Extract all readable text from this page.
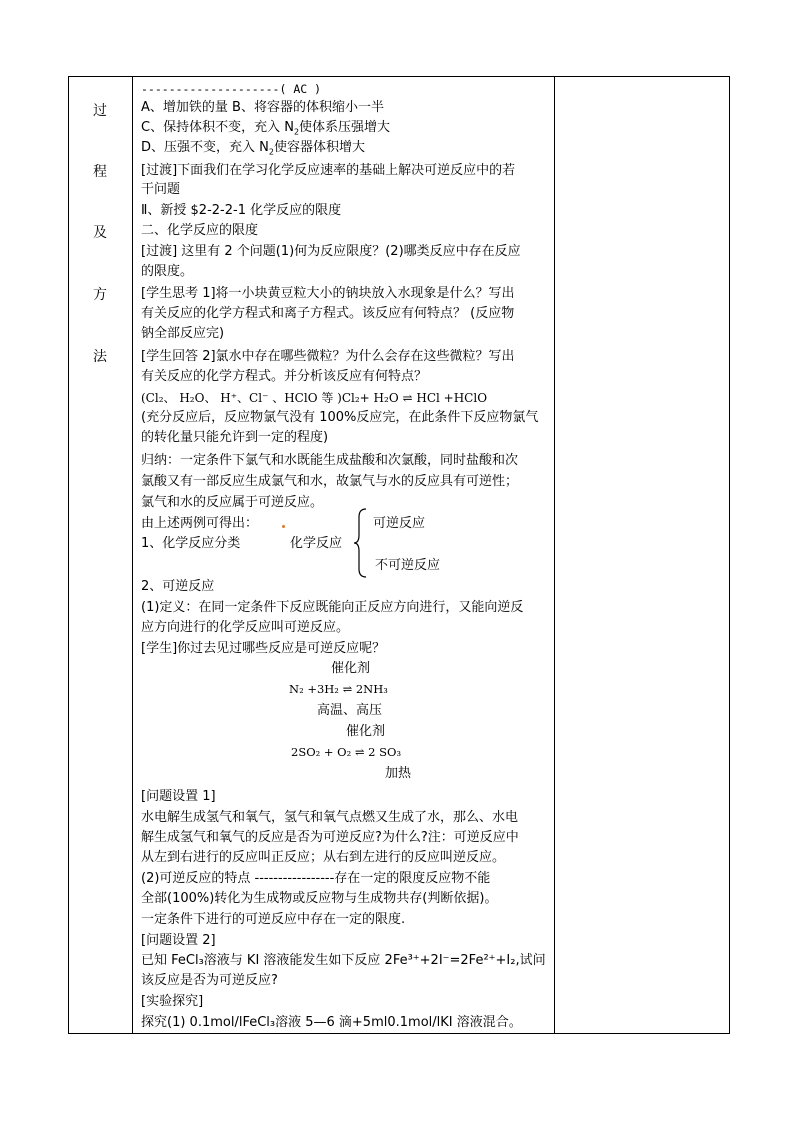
过
程
及
方
法
--------------------( AC )
A、增加铁的量 B、将容器的体积缩小一半
C、保持体积不变，充入 $N_2$使体系压强增大
D、压强不变，充入 $N_2$使容器体积增大
[过渡]下面我们在学习化学反应速率的基础上解决可逆反应中的若
干问题
Ⅱ、新授 $2-2-2-1 化学反应的限度
二、化学反应的限度
[过渡] 这里有 2 个问题(1)何为反应限度？(2)哪类反应中存在反应
的限度。
[学生思考 1]将一小块黄豆粒大小的钠块放入水现象是什么？写出
有关反应的化学方程式和离子方程式。该反应有何特点？ (反应物
钠全部反应完)
[学生回答 2]氯水中存在哪些微粒？为什么会存在这些微粒？写出
有关反应的化学方程式。并分析该反应有何特点？
(Cl₂、 H₂O、 H⁺、Cl⁻ 、HClO 等 )Cl₂+ H₂O ⇌ HCl +HClO
(充分反应后，反应物氯气没有 100%反应完，在此条件下反应物氯气
的转化量只能允许到一定的程度)
归纳：一定条件下氯气和水既能生成盐酸和次氯酸，同时盐酸和次
氯酸又有一部反应生成氯气和水，故氯气与水的反应具有可逆性；
氯气和水的反应属于可逆反应。
由上述两例可得出：
1、化学反应分类	化学反应
可逆反应
不可逆反应
2、可逆反应
(1)定义：在同一定条件下反应既能向正反应方向进行，又能向逆反
应方向进行的化学反应叫可逆反应。
[学生]你过去见过哪些反应是可逆反应呢？
催化剂
N₂ +3H₂ ⇌ 2NH₃
高温、高压
催化剂
2SO₂ + O₂ ⇌ 2 SO₃
加热
[问题设置 1]
水电解生成氢气和氧气，氢气和氧气点燃又生成了水，那么、水电
解生成氢气和氧气的反应是否为可逆反应?为什么?注：可逆反应中
从左到右进行的反应叫正反应；从右到左进行的反应叫逆反应。
(2)可逆反应的特点 -----------------存在一定的限度反应物不能
全部(100%)转化为生成物或反应物与生成物共存(判断依据)。
一定条件下进行的可逆反应中存在一定的限度.
[问题设置 2]
已知 FeCl₃溶液与 KI 溶液能发生如下反应 2Fe³⁺+2I⁻=2Fe²⁺+I₂,试问
该反应是否为可逆反应?
[实验探究]
探究(1) 0.1mol/lFeCl₃溶液 5—6 滴+5ml0.1mol/lKI 溶液混合。
